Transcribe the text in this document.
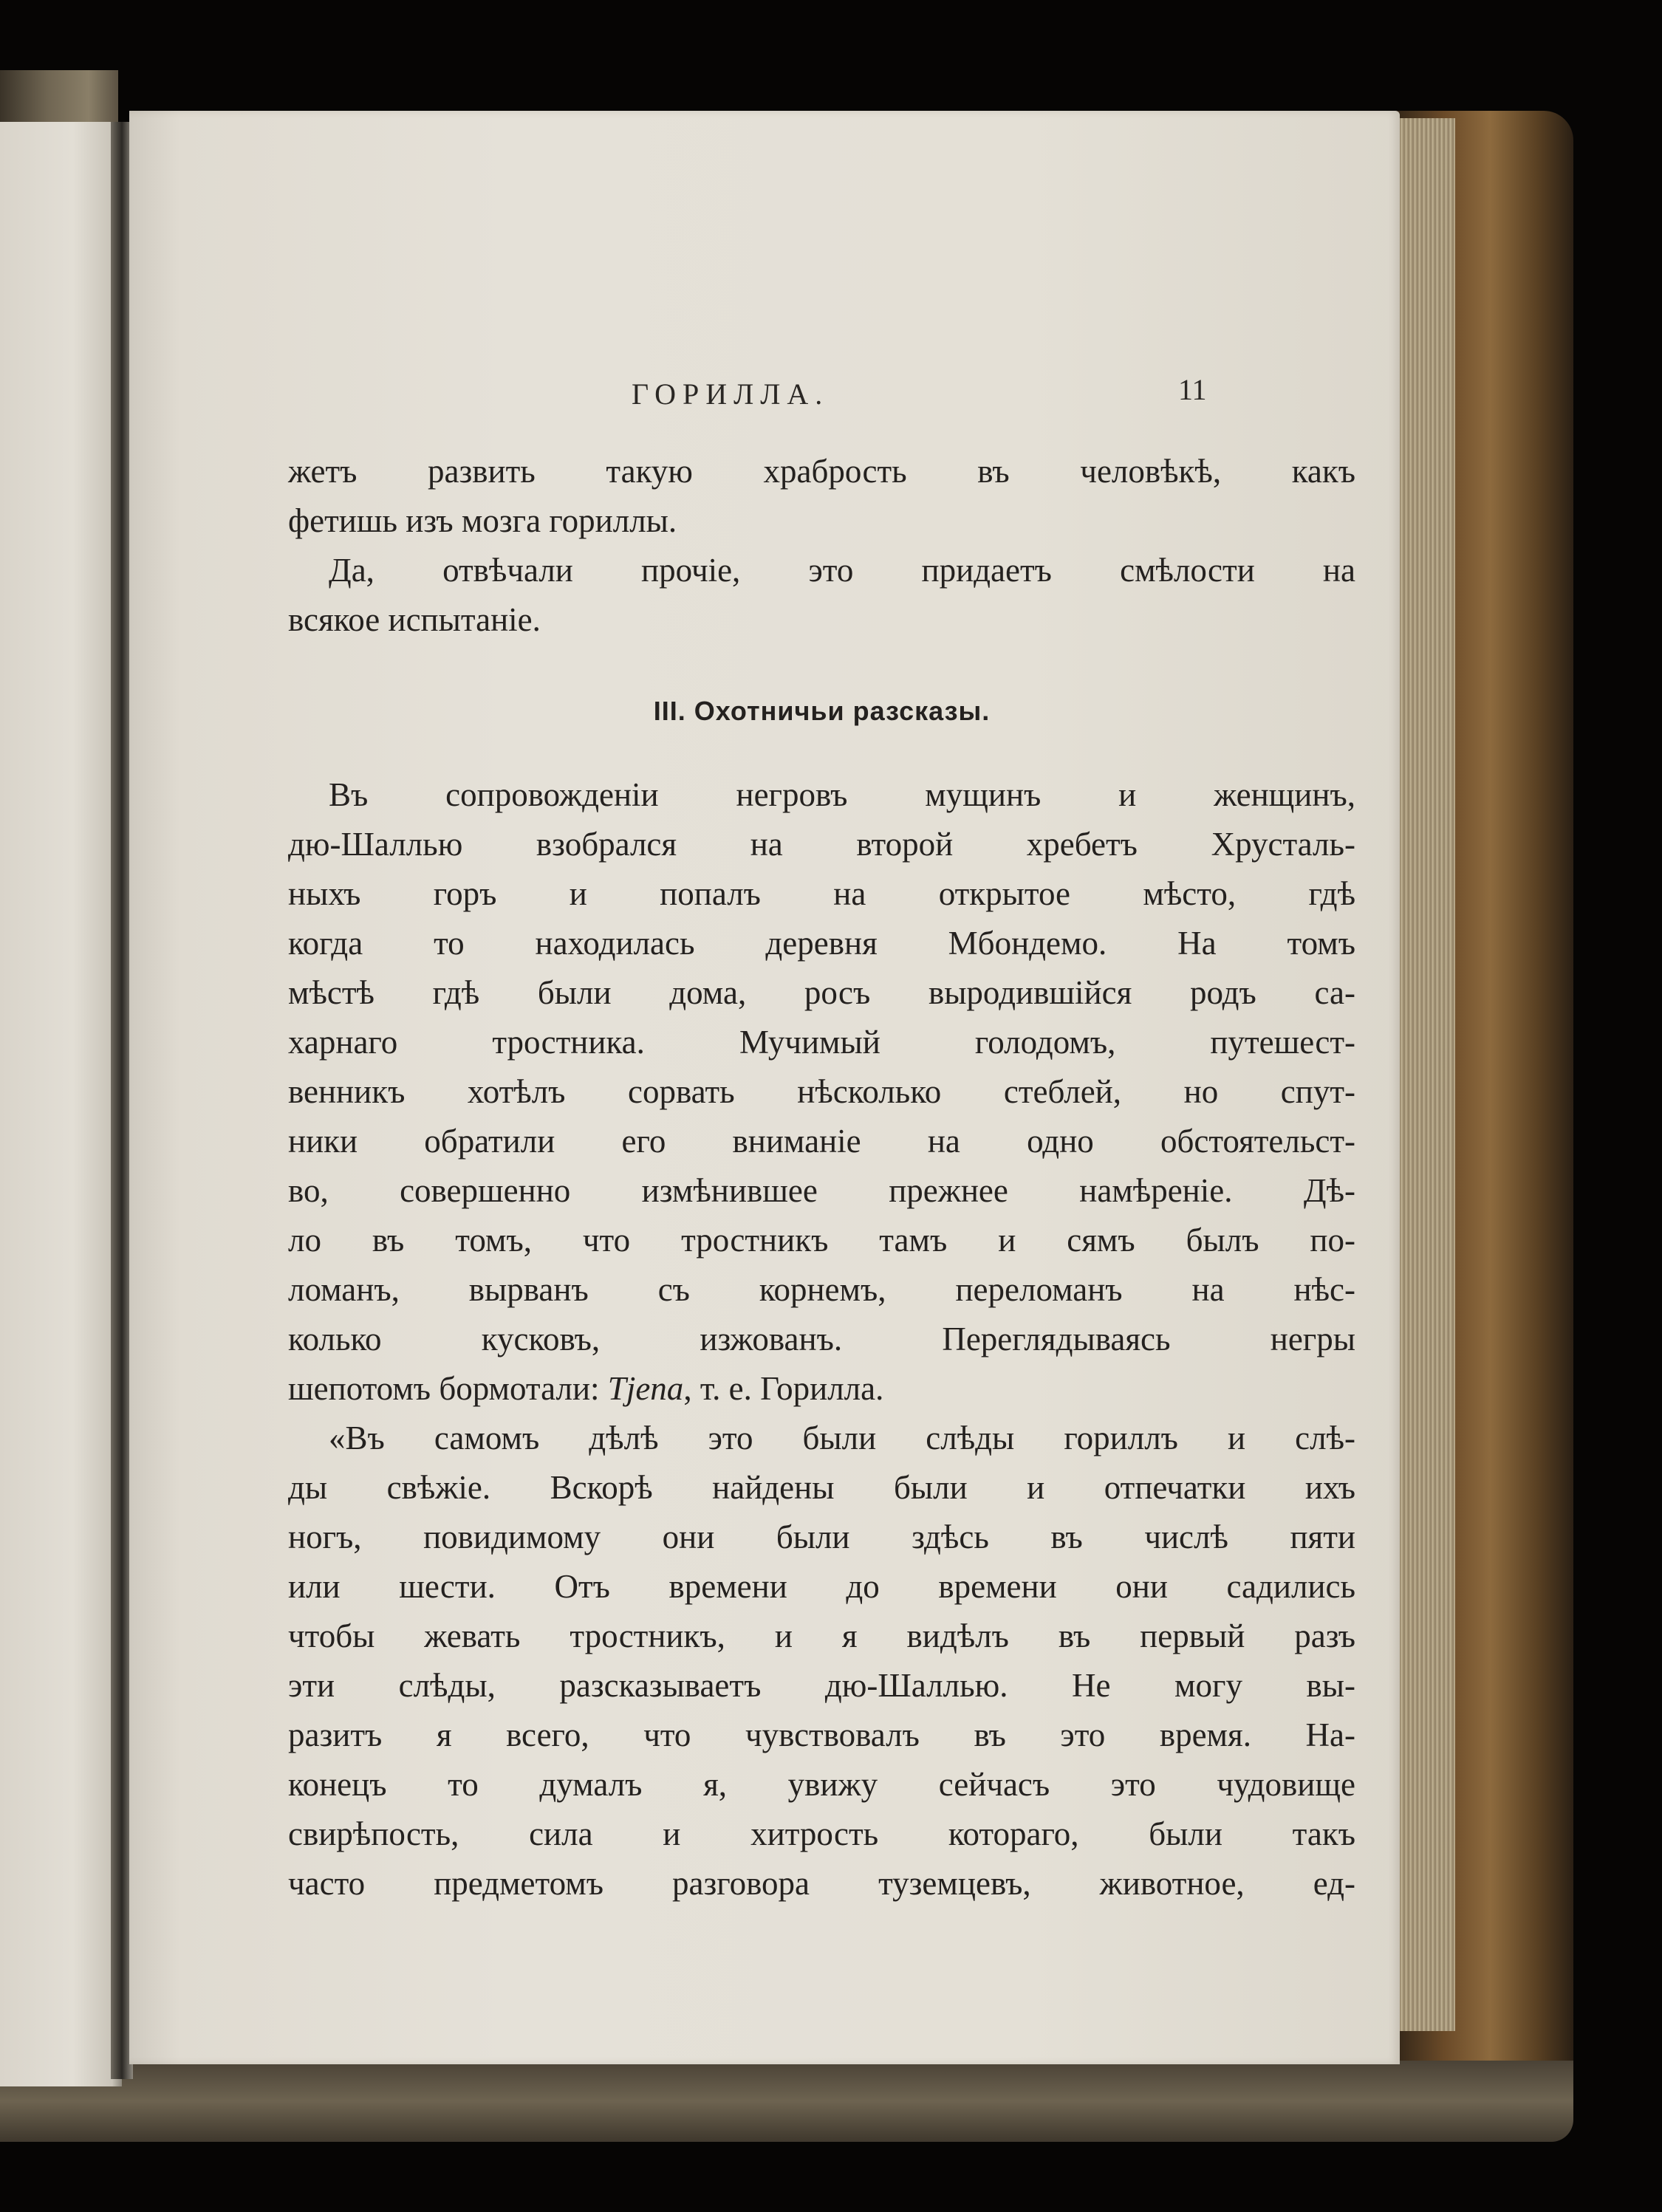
ГОРИЛЛА.	11
жетъ развить такую храбрость въ человѣкѣ, какъ
фетишь изъ мозга гориллы.
Да, отвѣчали прочіе, это придаетъ смѣлости на
всякое испытаніе.
III. Охотничьи разсказы.
Въ сопровожденіи негровъ мущинъ и женщинъ,
дю-Шаллью взобрался на второй хребетъ Хрусталь-
ныхъ горъ и попалъ на открытое мѣсто, гдѣ
когда то находилась деревня Мбондемо. На томъ
мѣстѣ гдѣ были дома, росъ выродившійся родъ са-
харнаго тростника. Мучимый голодомъ, путешест-
венникъ хотѣлъ сорвать нѣсколько стеблей, но спут-
ники обратили его вниманіе на одно обстоятельст-
во, совершенно измѣнившее прежнее намѣреніе. Дѣ-
ло въ томъ, что тростникъ тамъ и сямъ былъ по-
ломанъ, вырванъ съ корнемъ, переломанъ на нѣс-
колько кусковъ, изжованъ. Переглядываясь негры
шепотомъ бормотали: Тјепа, т. е. Горилла.
«Въ самомъ дѣлѣ это были слѣды гориллъ и слѣ-
ды свѣжіе. Вскорѣ найдены были и отпечатки ихъ
ногъ, повидимому они были здѣсь въ числѣ пяти
или шести. Отъ времени до времени они садились
чтобы жевать тростникъ, и я видѣлъ въ первый разъ
эти слѣды, разсказываетъ дю-Шаллью. Не могу вы-
разитъ я всего, что чувствовалъ въ это время. На-
конецъ то думалъ я, увижу сейчасъ это чудовище
свирѣпость, сила и хитрость котораго, были такъ
часто предметомъ разговора туземцевъ, животное, ед-
